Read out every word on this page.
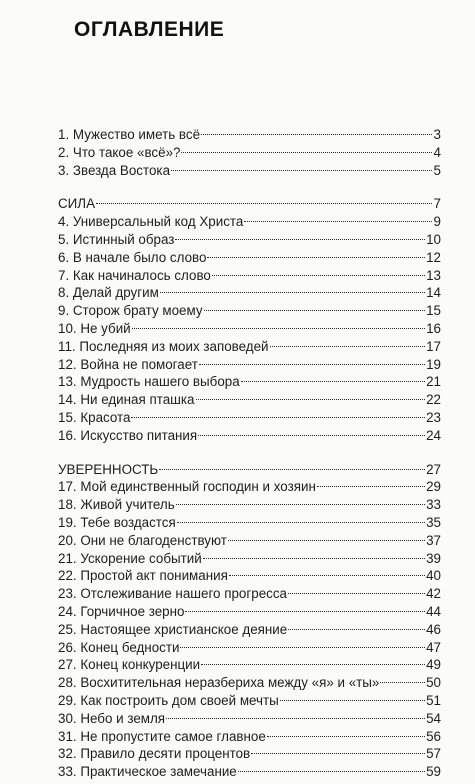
ОГЛАВЛЕНИЕ
1. Мужество иметь всё	3
2. Что такое «всё»?	4
3. Звезда Востока	5
СИЛА	7
4. Универсальный код Христа	9
5. Истинный образ	10
6. В начале было слово	12
7. Как начиналось слово	13
8. Делай другим	14
9. Сторож брату моему	15
10. Не убий	16
11. Последняя из моих заповедей	17
12. Война не помогает	19
13. Мудрость нашего выбора	21
14. Ни единая пташка	22
15. Красота	23
16. Искусство питания	24
УВЕРЕННОСТЬ	27
17. Мой единственный господин и хозяин	29
18. Живой учитель	33
19. Тебе воздастся	35
20. Они не благоденствуют	37
21. Ускорение событий	39
22. Простой акт понимания	40
23. Отслеживание нашего прогресса	42
24. Горчичное зерно	44
25. Настоящее христианское деяние	46
26. Конец бедности	47
27. Конец конкуренции	49
28. Восхитительная неразбериха между «я» и «ты»	50
29. Как построить дом своей мечты	51
30. Небо и земля	54
31. Не пропустите самое главное	56
32. Правило десяти процентов	57
33. Практическое замечание	59
